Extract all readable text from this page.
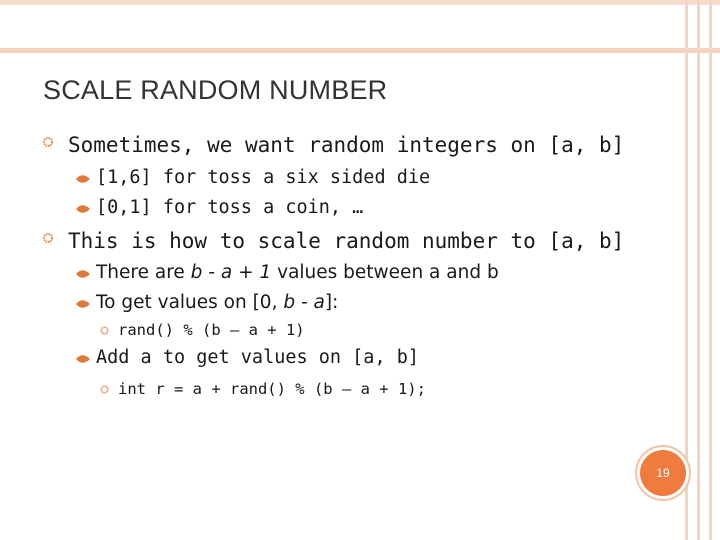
SCALE RANDOM NUMBER
Sometimes, we want random integers on [a, b]
[1,6] for toss a six sided die
[0,1] for toss a coin, …
This is how to scale random number to [a, b]
There are b - a + 1 values between a and b
To get values on [0, b - a]:
rand() % (b – a + 1)
Add a to get values on [a, b]
int r = a + rand() % (b – a + 1);
19
